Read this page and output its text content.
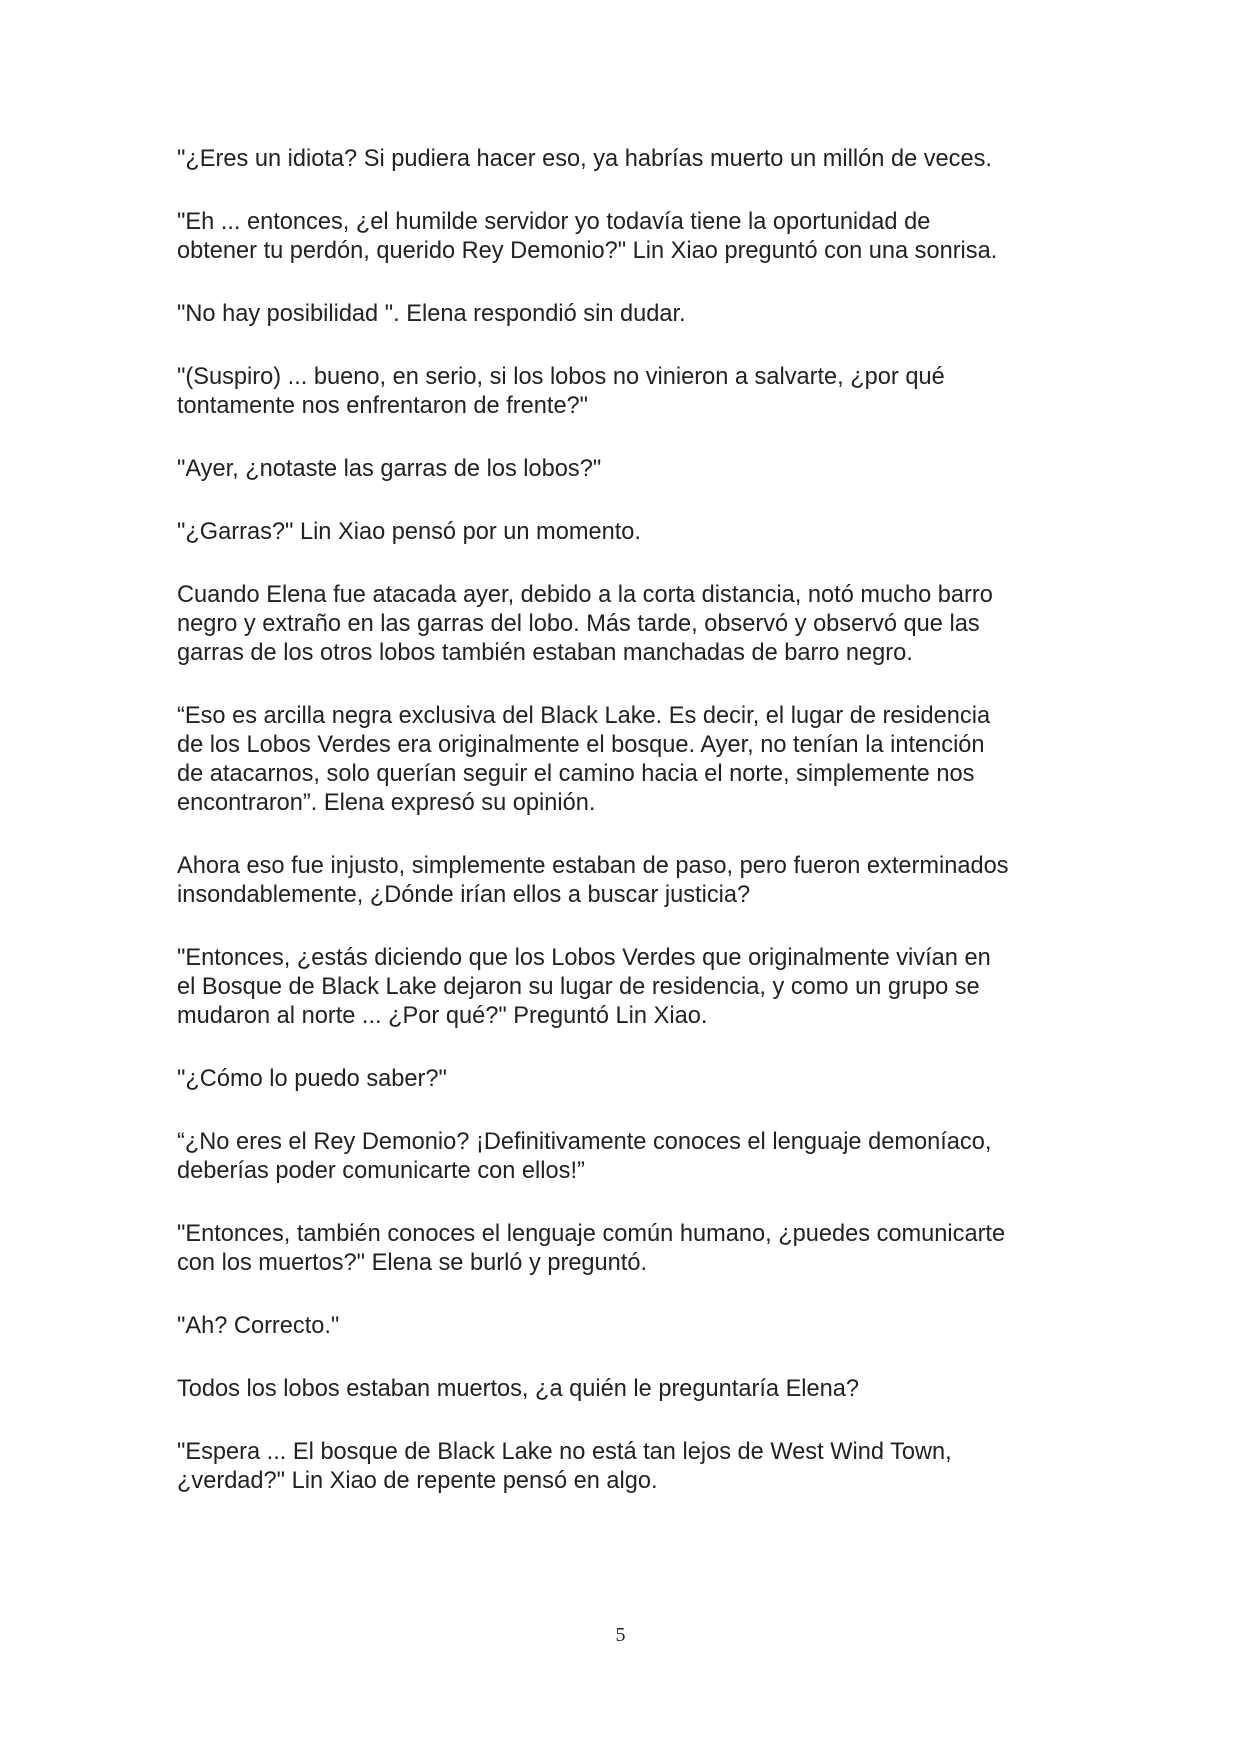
"¿Eres un idiota? Si pudiera hacer eso, ya habrías muerto un millón de veces.

"Eh ... entonces, ¿el humilde servidor yo todavía tiene la oportunidad de
obtener tu perdón, querido Rey Demonio?" Lin Xiao preguntó con una sonrisa.

"No hay posibilidad ". Elena respondió sin dudar.

"(Suspiro) ... bueno, en serio, si los lobos no vinieron a salvarte, ¿por qué
tontamente nos enfrentaron de frente?"

"Ayer, ¿notaste las garras de los lobos?"

"¿Garras?" Lin Xiao pensó por un momento.

Cuando Elena fue atacada ayer, debido a la corta distancia, notó mucho barro
negro y extraño en las garras del lobo. Más tarde, observó y observó que las
garras de los otros lobos también estaban manchadas de barro negro.

“Eso es arcilla negra exclusiva del Black Lake. Es decir, el lugar de residencia
de los Lobos Verdes era originalmente el bosque. Ayer, no tenían la intención
de atacarnos, solo querían seguir el camino hacia el norte, simplemente nos
encontraron”. Elena expresó su opinión.

Ahora eso fue injusto, simplemente estaban de paso, pero fueron exterminados
insondablemente, ¿Dónde irían ellos a buscar justicia?

"Entonces, ¿estás diciendo que los Lobos Verdes que originalmente vivían en
el Bosque de Black Lake dejaron su lugar de residencia, y como un grupo se
mudaron al norte ... ¿Por qué?" Preguntó Lin Xiao.

"¿Cómo lo puedo saber?"

“¿No eres el Rey Demonio? ¡Definitivamente conoces el lenguaje demoníaco,
deberías poder comunicarte con ellos!”

"Entonces, también conoces el lenguaje común humano, ¿puedes comunicarte
con los muertos?" Elena se burló y preguntó.

"Ah? Correcto."

Todos los lobos estaban muertos, ¿a quién le preguntaría Elena?

"Espera ... El bosque de Black Lake no está tan lejos de West Wind Town,
¿verdad?" Lin Xiao de repente pensó en algo.

5
